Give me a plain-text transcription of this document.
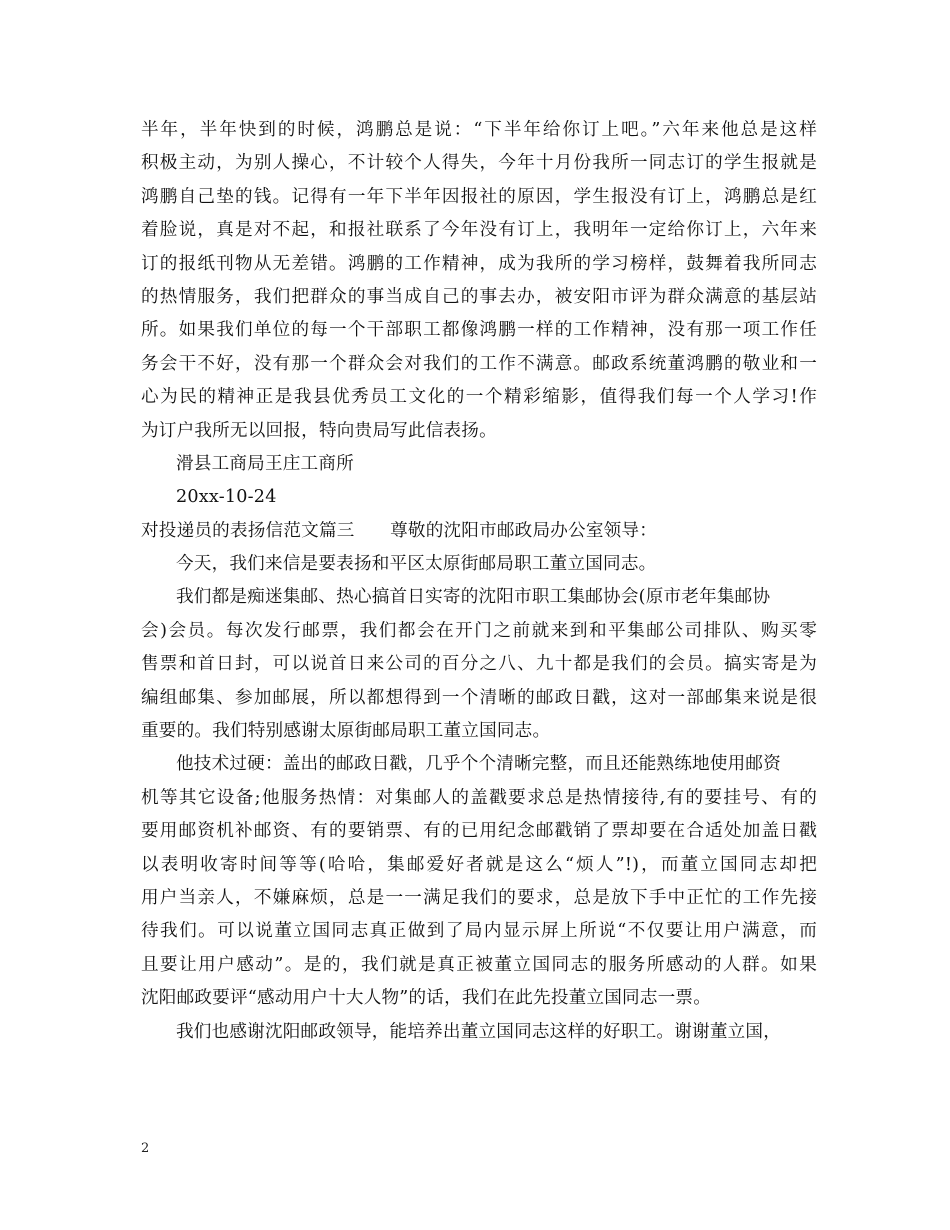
半年，半年快到的时候，鸿鹏总是说：“下半年给你订上吧。”六年来他总是这样
积极主动，为别人操心，不计较个人得失，今年十月份我所一同志订的学生报就是
鸿鹏自己垫的钱。记得有一年下半年因报社的原因，学生报没有订上，鸿鹏总是红
着脸说，真是对不起，和报社联系了今年没有订上，我明年一定给你订上，六年来
订的报纸刊物从无差错。鸿鹏的工作精神，成为我所的学习榜样，鼓舞着我所同志
的热情服务，我们把群众的事当成自己的事去办，被安阳市评为群众满意的基层站
所。如果我们单位的每一个干部职工都像鸿鹏一样的工作精神，没有那一项工作任
务会干不好，没有那一个群众会对我们的工作不满意。邮政系统董鸿鹏的敬业和一
心为民的精神正是我县优秀员工文化的一个精彩缩影，值得我们每一个人学习!作
为订户我所无以回报，特向贵局写此信表扬。
滑县工商局王庄工商所
20xx-10-24
对投递员的表扬信范文篇三　　尊敬的沈阳市邮政局办公室领导：
今天，我们来信是要表扬和平区太原街邮局职工董立国同志。
我们都是痴迷集邮、热心搞首日实寄的沈阳市职工集邮协会(原市老年集邮协
会)会员。每次发行邮票，我们都会在开门之前就来到和平集邮公司排队、购买零
售票和首日封，可以说首日来公司的百分之八、九十都是我们的会员。搞实寄是为
编组邮集、参加邮展，所以都想得到一个清晰的邮政日戳，这对一部邮集来说是很
重要的。我们特别感谢太原街邮局职工董立国同志。
他技术过硬：盖出的邮政日戳，几乎个个清晰完整，而且还能熟练地使用邮资
机等其它设备;他服务热情：对集邮人的盖戳要求总是热情接待,有的要挂号、有的
要用邮资机补邮资、有的要销票、有的已用纪念邮戳销了票却要在合适处加盖日戳
以表明收寄时间等等(哈哈，集邮爱好者就是这么“烦人”!)，而董立国同志却把
用户当亲人，不嫌麻烦，总是一一满足我们的要求，总是放下手中正忙的工作先接
待我们。可以说董立国同志真正做到了局内显示屏上所说“不仅要让用户满意，而
且要让用户感动”。是的，我们就是真正被董立国同志的服务所感动的人群。如果
沈阳邮政要评“感动用户十大人物”的话，我们在此先投董立国同志一票。
我们也感谢沈阳邮政领导，能培养出董立国同志这样的好职工。谢谢董立国，
2
